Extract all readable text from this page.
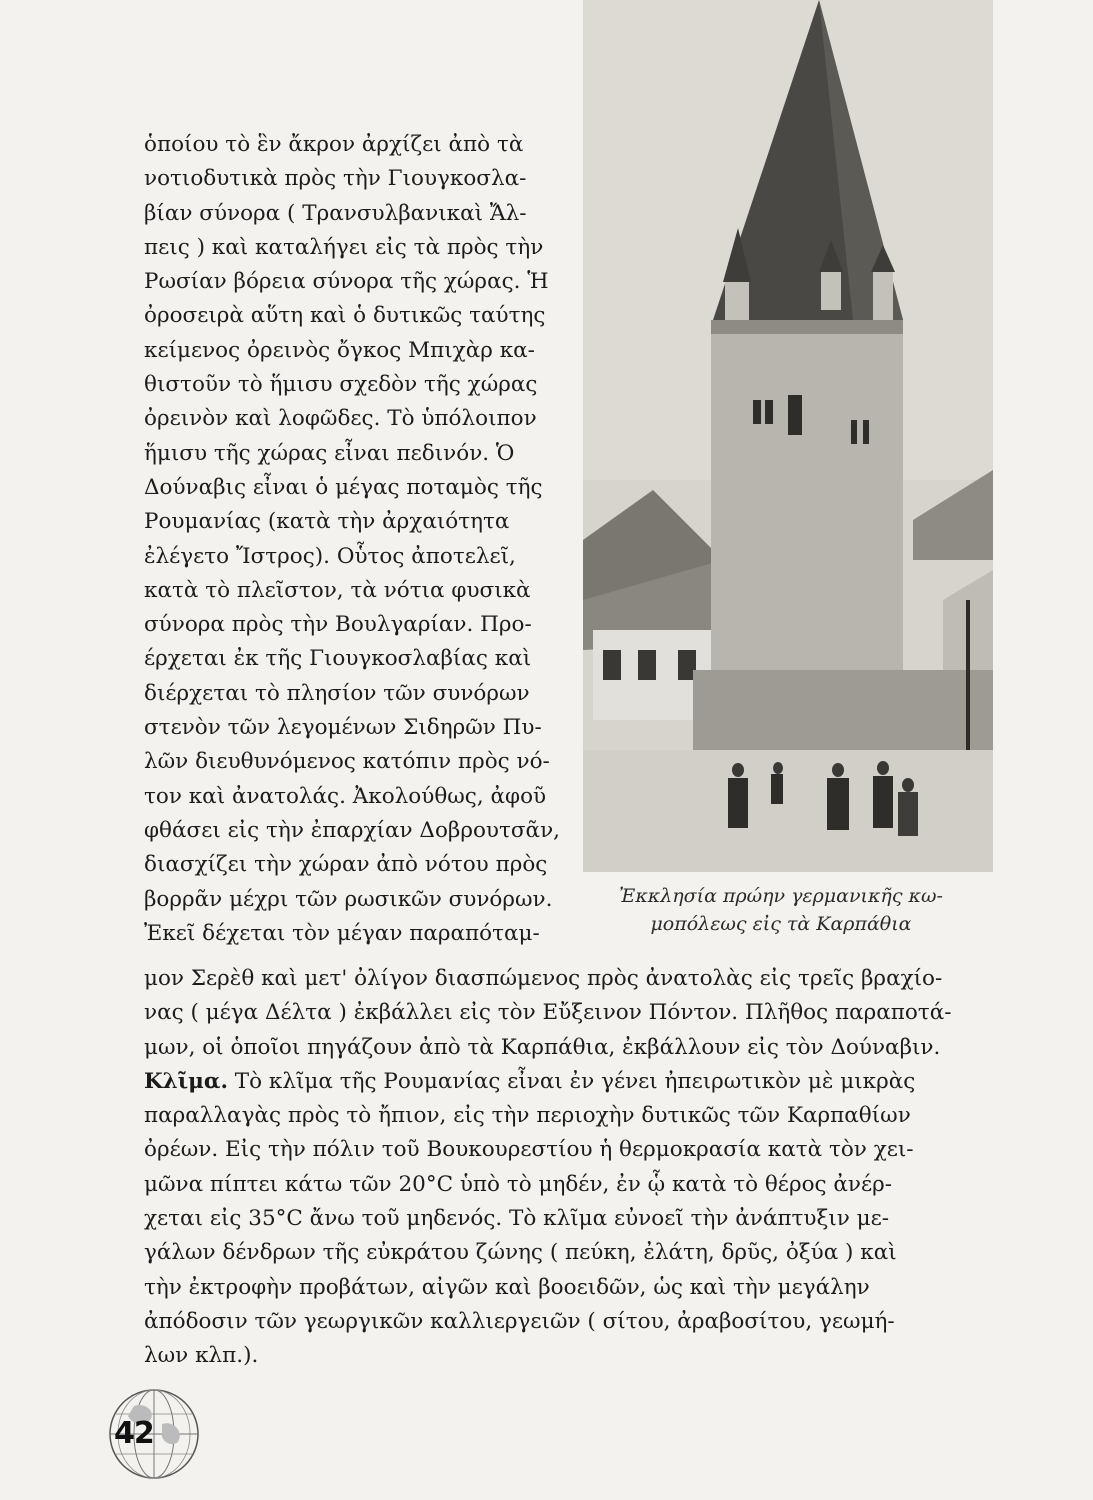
ὁποίου τὸ ἓν ἄκρον ἀρχίζει ἀπὸ τὰ
νοτιοδυτικὰ πρὸς τὴν Γιουγκοσλα-
βίαν σύνορα ( Τρανσυλβανικαὶ Ἄλ-
πεις ) καὶ καταλήγει εἰς τὰ πρὸς τὴν
Ρωσίαν βόρεια σύνορα τῆς χώρας. Ἡ
ὀροσειρὰ αὕτη καὶ ὁ δυτικῶς ταύτης
κείμενος ὀρεινὸς ὄγκος Μπιχὰρ κα-
θιστοῦν τὸ ἥμισυ σχεδὸν τῆς χώρας
ὀρεινὸν καὶ λοφῶδες. Τὸ ὑπόλοιπον
ἥμισυ τῆς χώρας εἶναι πεδινόν. Ὁ
Δούναβις εἶναι ὁ μέγας ποταμὸς τῆς
Ρουμανίας (κατὰ τὴν ἀρχαιότητα
ἐλέγετο Ἴστρος). Οὗτος ἀποτελεῖ,
κατὰ τὸ πλεῖστον, τὰ νότια φυσικὰ
σύνορα πρὸς τὴν Βουλγαρίαν. Προ-
έρχεται ἐκ τῆς Γιουγκοσλαβίας καὶ
διέρχεται τὸ πλησίον τῶν συνόρων
στενὸν τῶν λεγομένων Σιδηρῶν Πυ-
λῶν διευθυνόμενος κατόπιν πρὸς νό-
τον καὶ ἀνατολάς. Ἀκολούθως, ἀφοῦ
φθάσει εἰς τὴν ἐπαρχίαν Δοβρουτσᾶν,
διασχίζει τὴν χώραν ἀπὸ νότου πρὸς
βορρᾶν μέχρι τῶν ρωσικῶν συνόρων.
Ἐκεῖ δέχεται τὸν μέγαν παραπόταμ-
Ἐκκλησία πρώην γερμανικῆς κω-
μοπόλεως εἰς τὰ Καρπάθια
μον Σερὲθ καὶ μετ' ὀλίγον διασπώμενος πρὸς ἀνατολὰς εἰς τρεῖς βραχίο-
νας ( μέγα Δέλτα ) ἐκβάλλει εἰς τὸν Εὔξεινον Πόντον. Πλῆθος παραποτά-
μων, οἱ ὁποῖοι πηγάζουν ἀπὸ τὰ Καρπάθια, ἐκβάλλουν εἰς τὸν Δούναβιν.
Κλῖμα. Τὸ κλῖμα τῆς Ρουμανίας εἶναι ἐν γένει ἠπειρωτικὸν μὲ μικρὰς
παραλλαγὰς πρὸς τὸ ἤπιον, εἰς τὴν περιοχὴν δυτικῶς τῶν Καρπαθίων
ὀρέων. Εἰς τὴν πόλιν τοῦ Βουκουρεστίου ἡ θερμοκρασία κατὰ τὸν χει-
μῶνα πίπτει κάτω τῶν 20°C ὑπὸ τὸ μηδέν, ἐν ᾧ κατὰ τὸ θέρος ἀνέρ-
χεται εἰς 35°C ἄνω τοῦ μηδενός. Τὸ κλῖμα εὐνοεῖ τὴν ἀνάπτυξιν με-
γάλων δένδρων τῆς εὐκράτου ζώνης ( πεύκη, ἐλάτη, δρῦς, ὀξύα ) καὶ
τὴν ἐκτροφὴν προβάτων, αἰγῶν καὶ βοοειδῶν, ὡς καὶ τὴν μεγάλην
ἀπόδοσιν τῶν γεωργικῶν καλλιεργειῶν ( σίτου, ἀραβοσίτου, γεωμή-
λων κλπ.).
42
